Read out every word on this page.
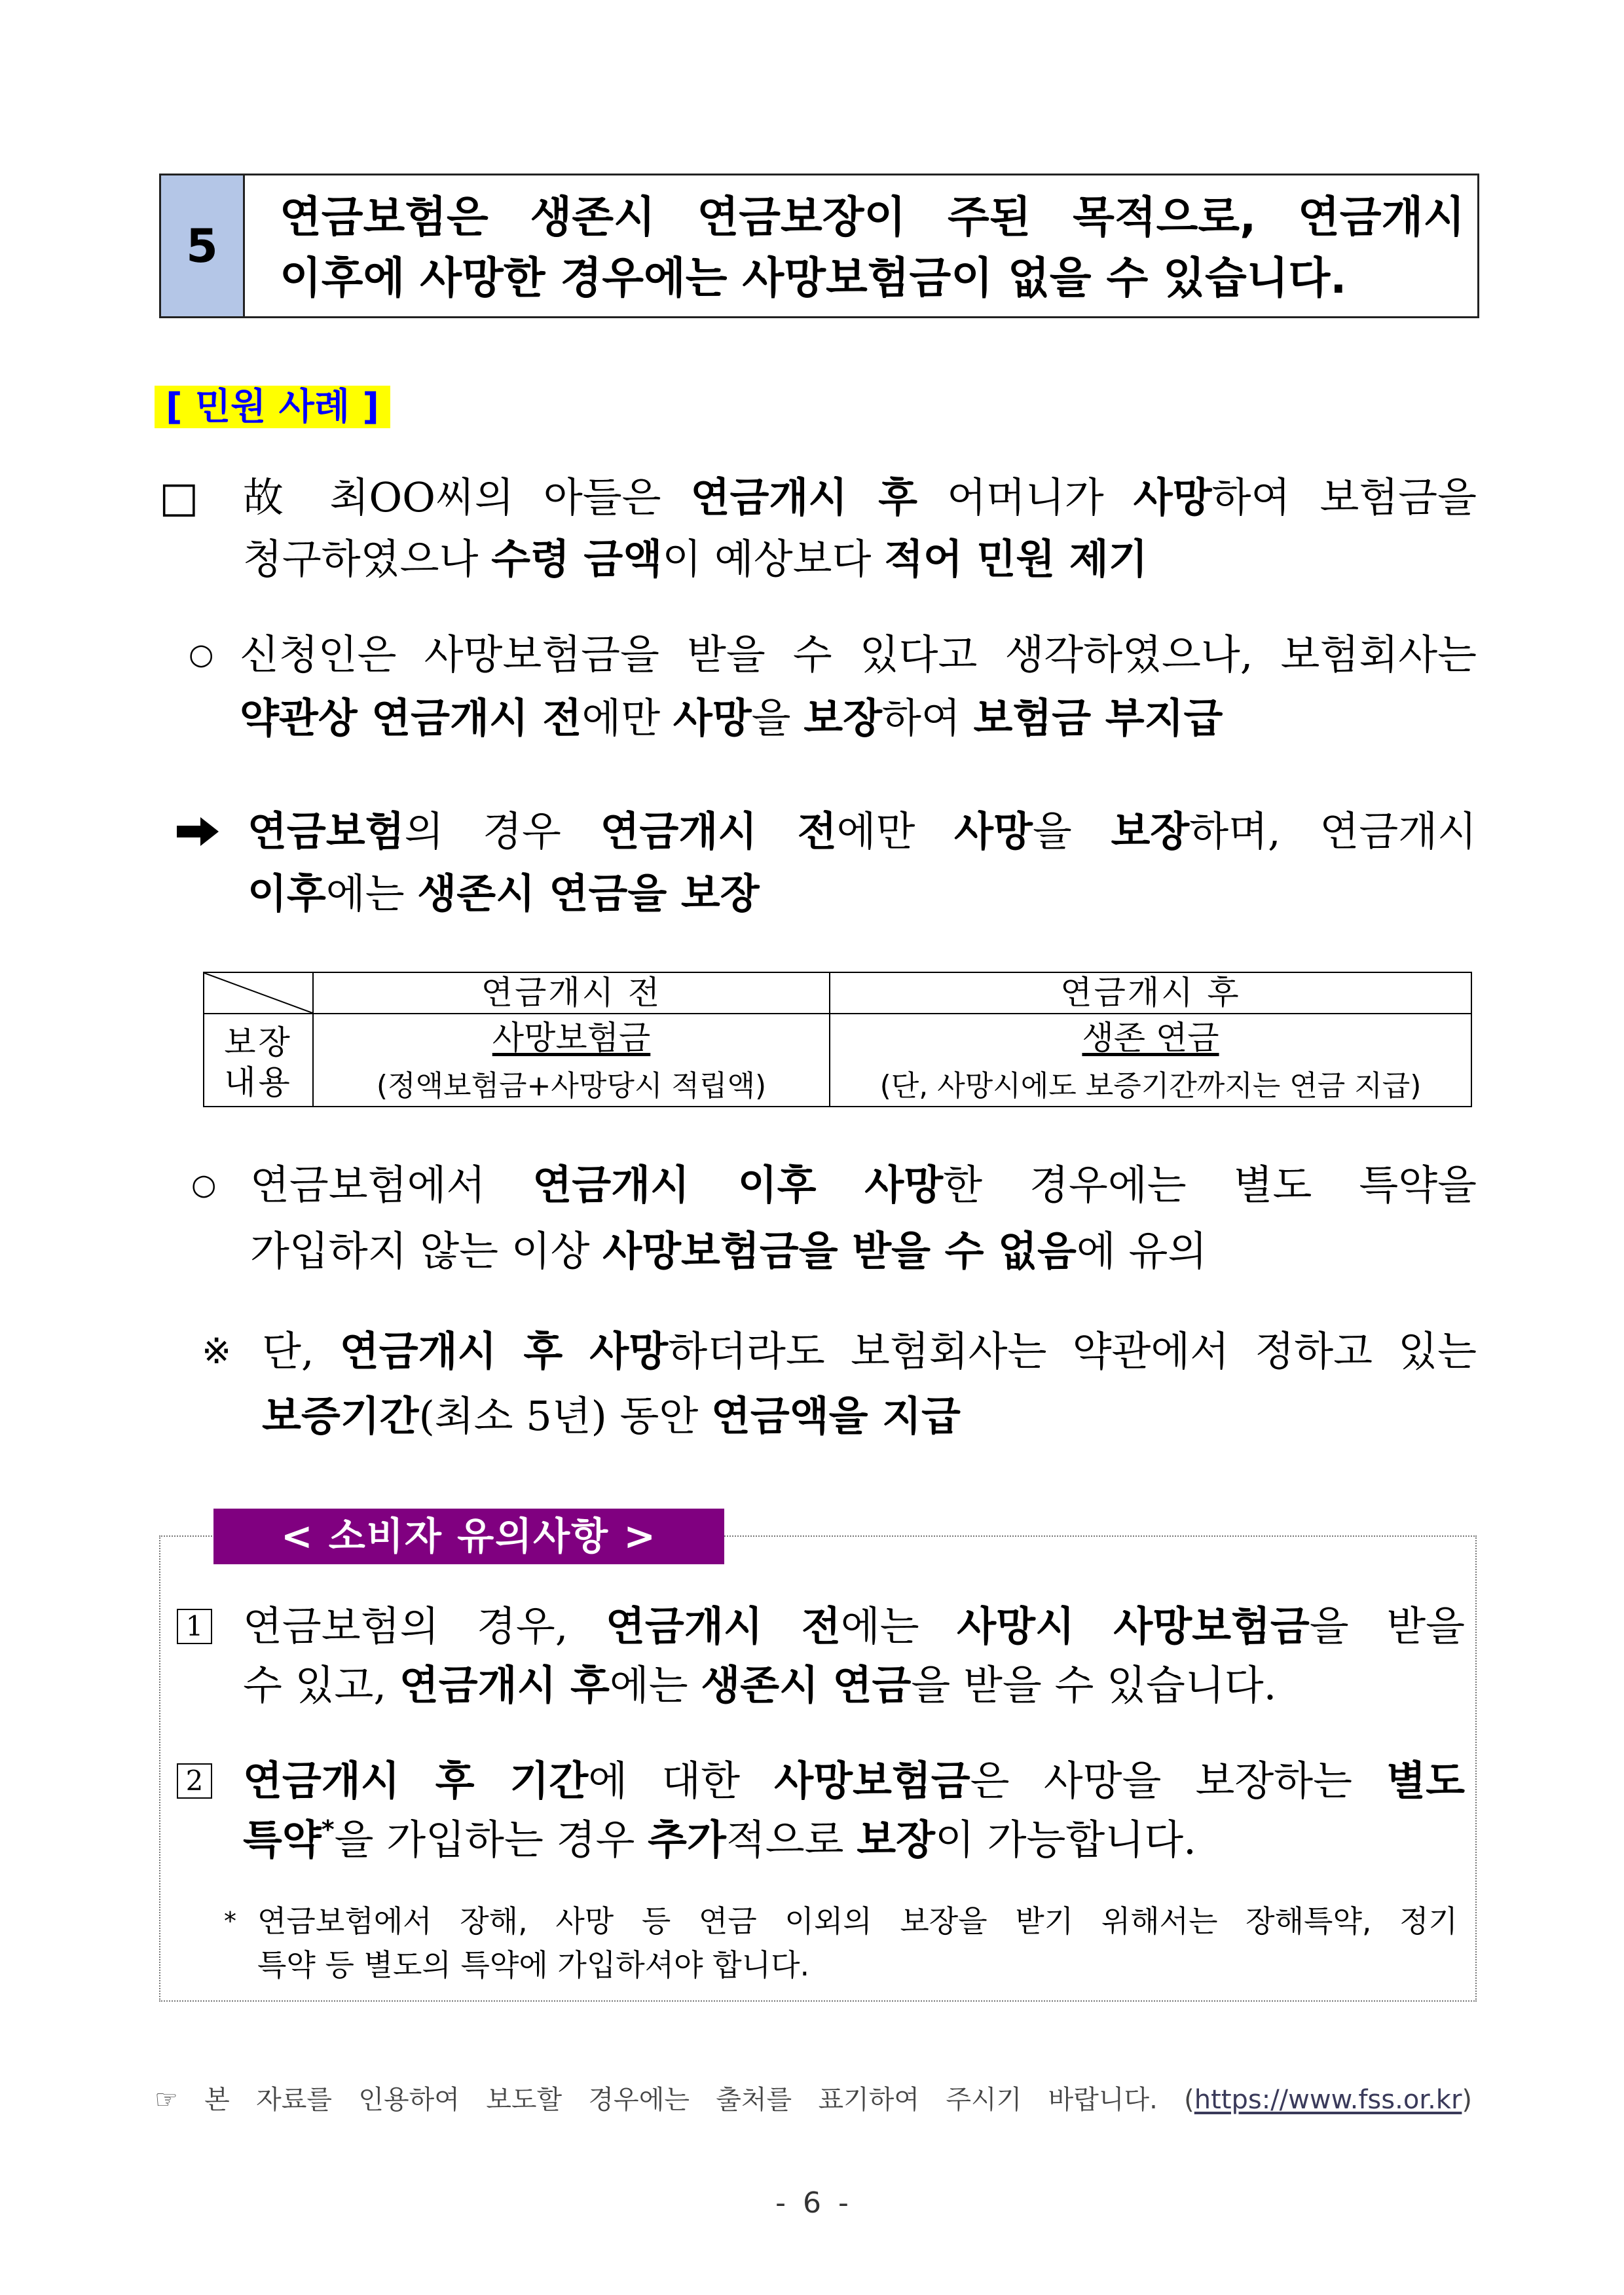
5
연금보험은 생존시 연금보장이 주된 목적으로, 연금개시
이후에 사망한 경우에는 사망보험금이 없을 수 있습니다.
[ 민원 사례 ]
□ 故 최OO씨의 아들은 연금개시 후 어머니가 사망하여 보험금을
청구하였으나 수령 금액이 예상보다 적어 민원 제기
○ 신청인은 사망보험금을 받을 수 있다고 생각하였으나, 보험회사는
약관상 연금개시 전에만 사망을 보장하여 보험금 부지급
연금보험의 경우 연금개시 전에만 사망을 보장하며, 연금개시
이후에는 생존시 연금을 보장
연금개시 전	연금개시 후
보장
내용
사망보험금
(정액보험금+사망당시 적립액)
생존 연금
(단, 사망시에도 보증기간까지는 연금 지급)
○ 연금보험에서 연금개시 이후 사망한 경우에는 별도 특약을
가입하지 않는 이상 사망보험금을 받을 수 없음에 유의
※ 단, 연금개시 후 사망하더라도 보험회사는 약관에서 정하고 있는
보증기간(최소 5년) 동안 연금액을 지급
< 소비자 유의사항 >
1 연금보험의 경우, 연금개시 전에는 사망시 사망보험금을 받을
수 있고, 연금개시 후에는 생존시 연금을 받을 수 있습니다.
2 연금개시 후 기간에 대한 사망보험금은 사망을 보장하는 별도
특약*을 가입하는 경우 추가적으로 보장이 가능합니다.
* 연금보험에서 장해, 사망 등 연금 이외의 보장을 받기 위해서는 장해특약, 정기
특약 등 별도의 특약에 가입하셔야 합니다.
☞ 본 자료를 인용하여 보도할 경우에는 출처를 표기하여 주시기 바랍니다. (https://www.fss.or.kr)
- 6 -
